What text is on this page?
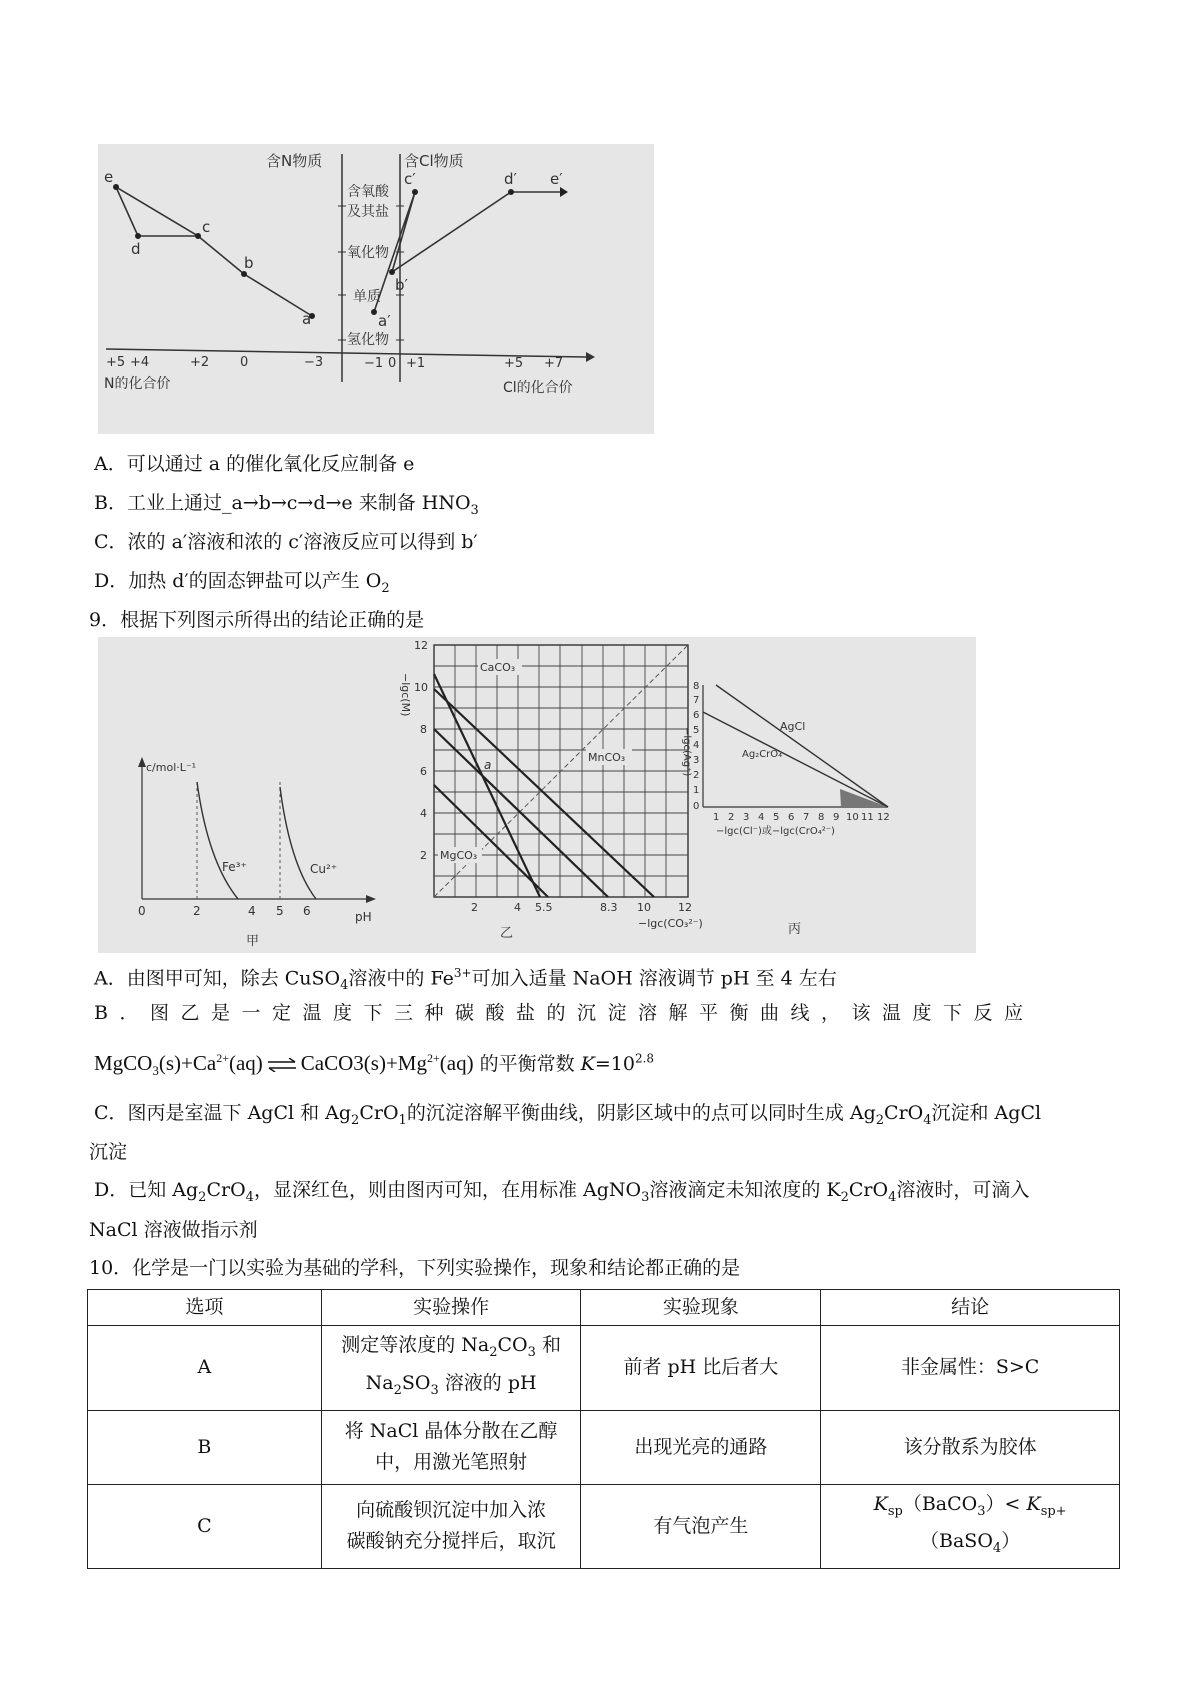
含N物质	含Cl物质
含氧酸
及其盐
氧化物
单质
氢化物
e
d
c
b
a
c′	d′ e′
b′
a′
+5 +4	+2 0	−3	−1 0 +1	+5 +7
N的化合价	Cl的化合价
A．可以通过 a 的催化氧化反应制备 e
B．工业上通过_a→b→c→d→e 来制备 $HNO_3$
C．浓的 a′溶液和浓的 c′溶液反应可以得到 b′
D．加热 d′的固态钾盐可以产生 $O_2$
9．根据下列图示所得出的结论正确的是
c/mol·L⁻¹
Fe³⁺	Cu²⁺
0	2	4 5 6	pH
甲
−lgc(M)
12
10
8
6
4
2
2	4 5.5	8.3 10 12
−lgc(CO₃²⁻)
CaCO₃
a
MnCO₃
MgCO₃
乙
−lgc(Ag⁺)
8
7
6
5
4
3
2
1
0
1 2 3 4 5 6 7 8 9 10 11 12
−lgc(Cl⁻)或−lgc(CrO₄²⁻)
AgCl
Ag₂CrO₄
丙
A．由图甲可知，除去 CuSO$_4$溶液中的 $Fe^{3+}$可加入适量 NaOH 溶液调节 pH 至 4 左右
B．图乙是一定温度下三种碳酸盐的沉淀溶解平衡曲线，该温度下反应
$MgCO_3(s)+Ca^{2+}(aq)$ ⇌ $CaCO3(s)+Mg^{2+}(aq)$ 的平衡常数 $K=10^{2.8}$
C．图丙是室温下 AgCl 和 $Ag_2CrO_1$的沉淀溶解平衡曲线，阴影区域中的点可以同时生成 $Ag_2CrO_4$沉淀和 AgCl
沉淀
D．已知 $Ag_2CrO_4$，显深红色，则由图丙可知，在用标准 AgNO$_3$溶液滴定未知浓度的 $K_2CrO_4$溶液时，可滴入
NaCl 溶液做指示剂
10．化学是一门以实验为基础的学科，下列实验操作，现象和结论都正确的是
选项	实验操作	实验现象	结论
A	测定等浓度的 $Na_2CO_3$ 和
$Na_2SO_3$ 溶液的 pH	前者 pH 比后者大	非金属性：S>C
B	将 NaCl 晶体分散在乙醇
中，用激光笔照射	出现光亮的通路	该分散系为胶体
C	向硫酸钡沉淀中加入浓
碳酸钠充分搅拌后，取沉	有气泡产生	$K_{sp}(BaCO_3)<$ $K_{sp+}(BaSO_4)$
